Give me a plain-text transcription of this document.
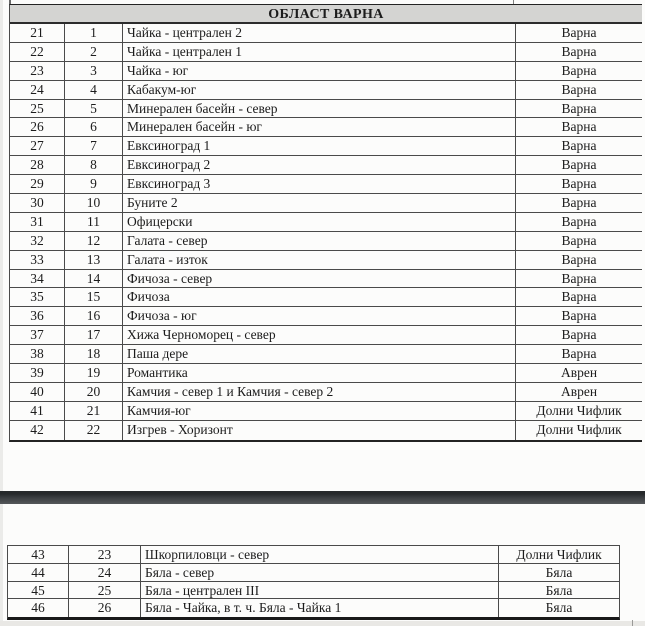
ОБЛАСТ ВАРНА
21	1	Чайка - централен 2	Варна
22	2	Чайка - централен 1	Варна
23	3	Чайка - юг	Варна
24	4	Кабакум-юг	Варна
25	5	Минерален басейн - север	Варна
26	6	Минерален басейн - юг	Варна
27	7	Евксиноград 1	Варна
28	8	Евксиноград 2	Варна
29	9	Евксиноград 3	Варна
30	10	Буните 2	Варна
31	11	Офицерски	Варна
32	12	Галата - север	Варна
33	13	Галата - изток	Варна
34	14	Фичоза - север	Варна
35	15	Фичоза	Варна
36	16	Фичоза - юг	Варна
37	17	Хижа Черноморец - север	Варна
38	18	Паша дере	Варна
39	19	Романтика	Аврен
40	20	Камчия - север 1 и Камчия - север 2	Аврен
41	21	Камчия-юг	Долни Чифлик
42	22	Изгрев - Хоризонт	Долни Чифлик
43	23	Шкорпиловци - север	Долни Чифлик
44	24	Бяла - север	Бяла
45	25	Бяла - централен III	Бяла
46	26	Бяла - Чайка, в т. ч. Бяла - Чайка 1	Бяла
